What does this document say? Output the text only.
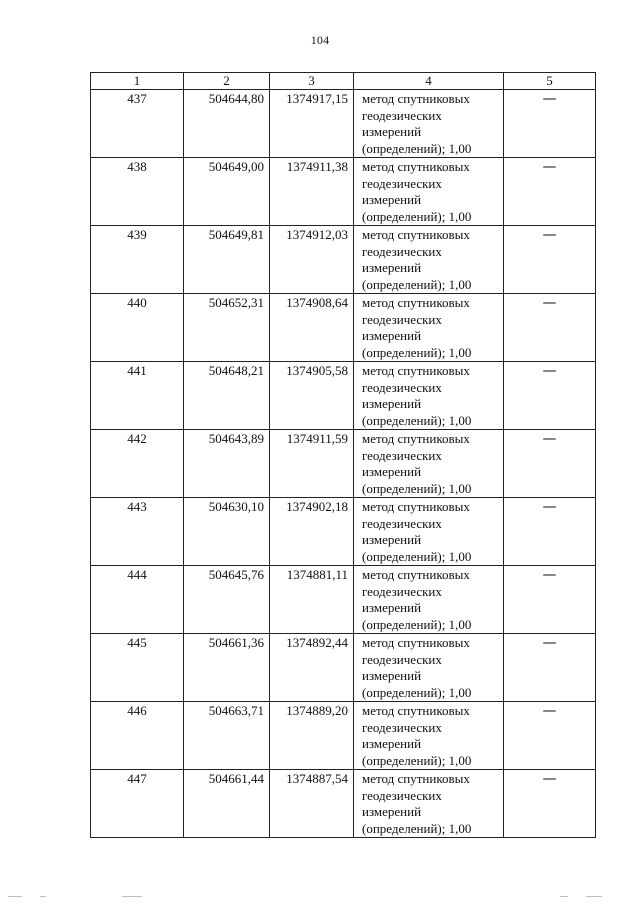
104
1	2	3	4	5
437	504644,80	1374917,15	метод спутниковых
геодезических
измерений
(определений); 1,00	—
438	504649,00	1374911,38	метод спутниковых
геодезических
измерений
(определений); 1,00	—
439	504649,81	1374912,03	метод спутниковых
геодезических
измерений
(определений); 1,00	—
440	504652,31	1374908,64	метод спутниковых
геодезических
измерений
(определений); 1,00	—
441	504648,21	1374905,58	метод спутниковых
геодезических
измерений
(определений); 1,00	—
442	504643,89	1374911,59	метод спутниковых
геодезических
измерений
(определений); 1,00	—
443	504630,10	1374902,18	метод спутниковых
геодезических
измерений
(определений); 1,00	—
444	504645,76	1374881,11	метод спутниковых
геодезических
измерений
(определений); 1,00	—
445	504661,36	1374892,44	метод спутниковых
геодезических
измерений
(определений); 1,00	—
446	504663,71	1374889,20	метод спутниковых
геодезических
измерений
(определений); 1,00	—
447	504661,44	1374887,54	метод спутниковых
геодезических
измерений
(определений); 1,00	—
